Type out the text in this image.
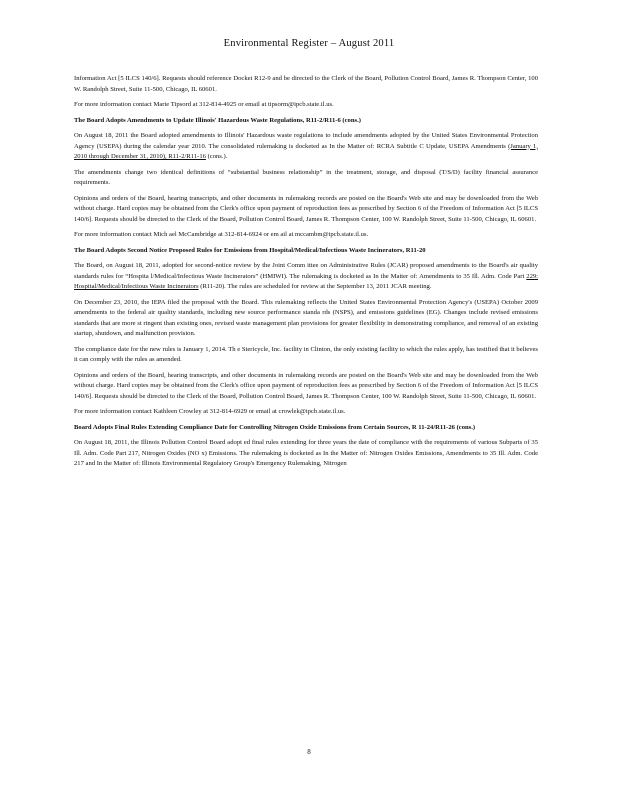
Environmental Register – August 2011

Information Act [5 ILCS 140/6]. Requests should reference Docket R12-9 and be directed to the Clerk of the Board, Pollution Control Board, James R. Thompson Center, 100 W. Randolph Street, Suite 11-500, Chicago, IL 60601.

For more information contact Marie Tipsord at 312-814-4925 or email at tipsorm@ipcb.state.il.us.

The Board Adopts Amendments to Update Illinois' Hazardous Waste Regulations, R11-2/R11-6 (cons.)

On August 18, 2011 the Board adopted amendments to Illinois' Hazardous waste regulations to include amendments adopted by the United States Environmental Protection Agency (USEPA) during the calendar year 2010. The consolidated rulemaking is docketed as In the Matter of: RCRA Subtitle C Update, USEPA Amendments (January 1, 2010 through December 31, 2010), R11-2/R11-16 (cons.).

The amendments change two identical definitions of “substantial business relationship” in the treatment, storage, and disposal (T/S/D) facility financial assurance requirements.

Opinions and orders of the Board, hearing transcripts, and other documents in rulemaking records are posted on the Board's Web site and may be downloaded from the Web without charge. Hard copies may be obtained from the Clerk's office upon payment of reproduction fees as prescribed by Section 6 of the Freedom of Information Act [5 ILCS 140/6]. Requests should be directed to the Clerk of the Board, Pollution Control Board, James R. Thompson Center, 100 W. Randolph Street, Suite 11-500, Chicago, IL 60601.

For more information contact Mich ael McCambridge at 312-814-6924 or em ail at mccambm@ipcb.state.il.us.

The Board Adopts Second Notice Proposed Rules for Emissions from Hospital/Medical/Infectious Waste Incinerators, R11-20

The Board, on August 18, 2011, adopted for second-notice review by the Joint Comm ittee on Administrative Rules (JCAR) proposed amendments to the Board's air quality standards rules for “Hospita l/Medical/Infectious Waste Incinerators” (HMIWI). The rulemaking is docketed as In the Matter of: Amendments to 35 Ill. Adm. Code Part 229: Hospital/Medical/Infectious Waste Incinerators (R11-20). The rules are scheduled for review at the September 13, 2011 JCAR meeting.

On December 23, 2010, the IEPA filed the proposal with the Board. This rulemaking reflects the United States Environmental Protection Agency's (USEPA) October 2009 amendments to the federal air quality standards, including new source performance standa rds (NSPS), and emissions guidelines (EG). Changes include revised emissions standards that are more st ringent than existing ones, revised waste management plan provisions for greater flexibility in demonstrating compliance, and removal of an existing startup, shutdown, and malfunction provision.

The compliance date for the new rules is January 1, 2014. Th e Stericycle, Inc. facility in Clinton, the only existing facility to which the rules apply, has testified that it believes it can comply with the rules as amended.

Opinions and orders of the Board, hearing transcripts, and other documents in rulemaking records are posted on the Board's Web site and may be downloaded from the Web without charge. Hard copies may be obtained from the Clerk's office upon payment of reproduction fees as prescribed by Section 6 of the Freedom of Information Act [5 ILCS 140/6]. Requests should be directed to the Clerk of the Board, Pollution Control Board, James R. Thompson Center, 100 W. Randolph Street, Suite 11-500, Chicago, IL 60601.

For more information contact Kathleen Crowley at 312-814-6929 or email at crowlek@ipcb.state.il.us.

Board Adopts Final Rules Extending Compliance Date for Controlling Nitrogen Oxide Emissions from Certain Sources, R 11-24/R11-26 (cons.)

On August 18, 2011, the Illinois Pollution Control Board adopt ed final rules extending for three years the date of compliance with the requirements of various Subparts of 35 Ill. Adm. Code Part 217, Nitrogen Oxides (NO x) Emissions. The rulemaking is docketed as In the Matter of: Nitrogen Oxides Emissions, Amendments to 35 Ill. Adm. Code 217 and In the Matter of: Illinois Environmental Regulatory Group's Emergency Rulemaking, Nitrogen

8
